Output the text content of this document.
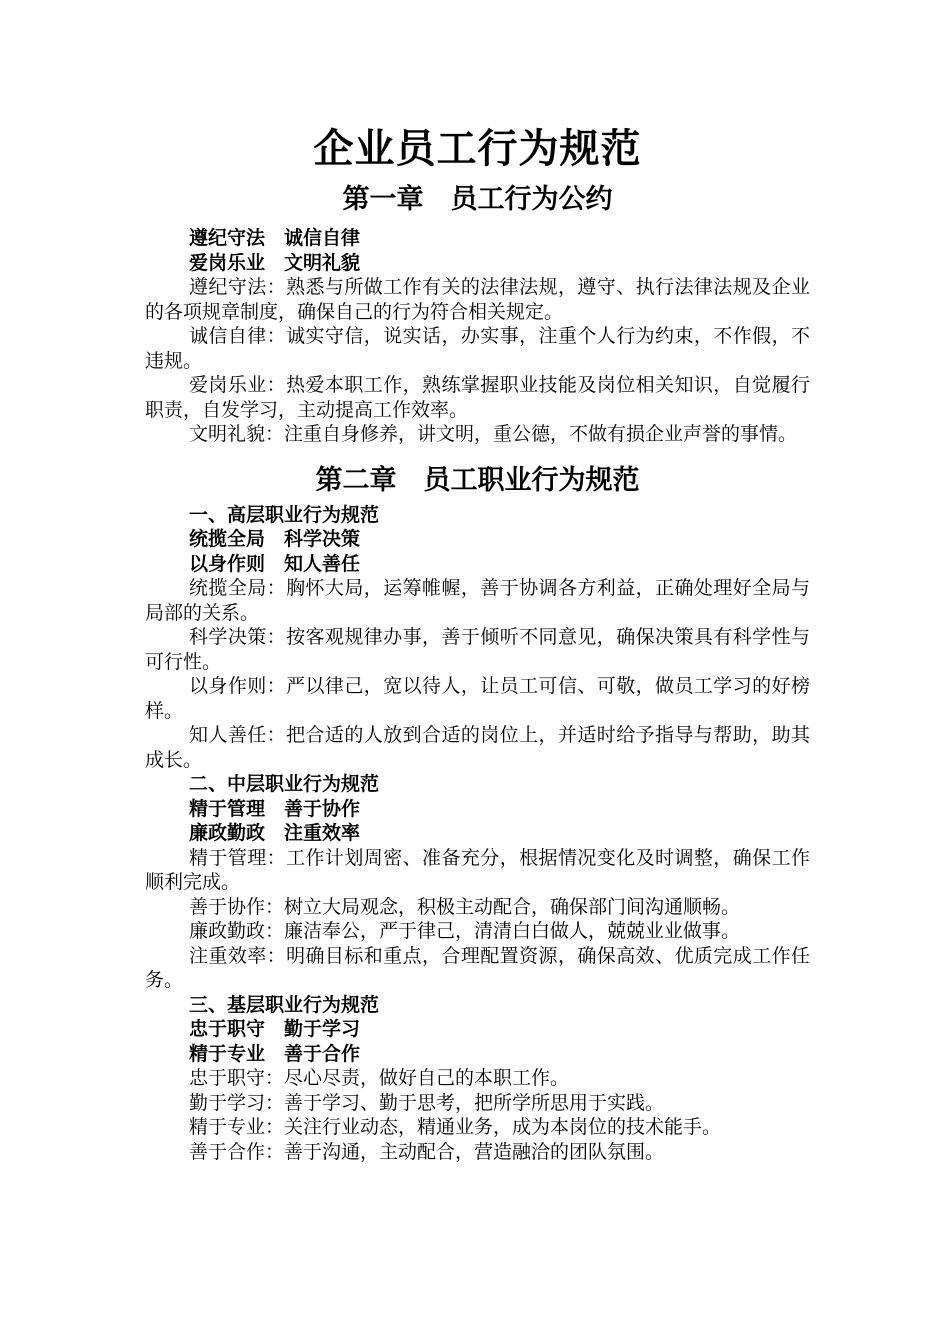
企业员工行为规范
第一章　员工行为公约

遵纪守法　诚信自律

爱岗乐业　文明礼貌

遵纪守法：熟悉与所做工作有关的法律法规，遵守、执行法律法规及企业的各项规章制度，确保自己的行为符合相关规定。

诚信自律：诚实守信，说实话，办实事，注重个人行为约束，不作假，不违规。

爱岗乐业：热爱本职工作，熟练掌握职业技能及岗位相关知识，自觉履行职责，自发学习，主动提高工作效率。

文明礼貌：注重自身修养，讲文明，重公德，不做有损企业声誉的事情。

第二章　员工职业行为规范

一、高层职业行为规范

统揽全局　科学决策

以身作则　知人善任

统揽全局：胸怀大局，运筹帷幄，善于协调各方利益，正确处理好全局与局部的关系。

科学决策：按客观规律办事，善于倾听不同意见，确保决策具有科学性与可行性。

以身作则：严以律己，宽以待人，让员工可信、可敬，做员工学习的好榜样。

知人善任：把合适的人放到合适的岗位上，并适时给予指导与帮助，助其成长。

二、中层职业行为规范

精于管理　善于协作

廉政勤政　注重效率

精于管理：工作计划周密、准备充分，根据情况变化及时调整，确保工作顺利完成。

善于协作：树立大局观念，积极主动配合，确保部门间沟通顺畅。

廉政勤政：廉洁奉公，严于律己，清清白白做人，兢兢业业做事。

注重效率：明确目标和重点，合理配置资源，确保高效、优质完成工作任务。

三、基层职业行为规范

忠于职守　勤于学习

精于专业　善于合作

忠于职守：尽心尽责，做好自己的本职工作。

勤于学习：善于学习、勤于思考，把所学所思用于实践。

精于专业：关注行业动态，精通业务，成为本岗位的技术能手。

善于合作：善于沟通，主动配合，营造融洽的团队氛围。
